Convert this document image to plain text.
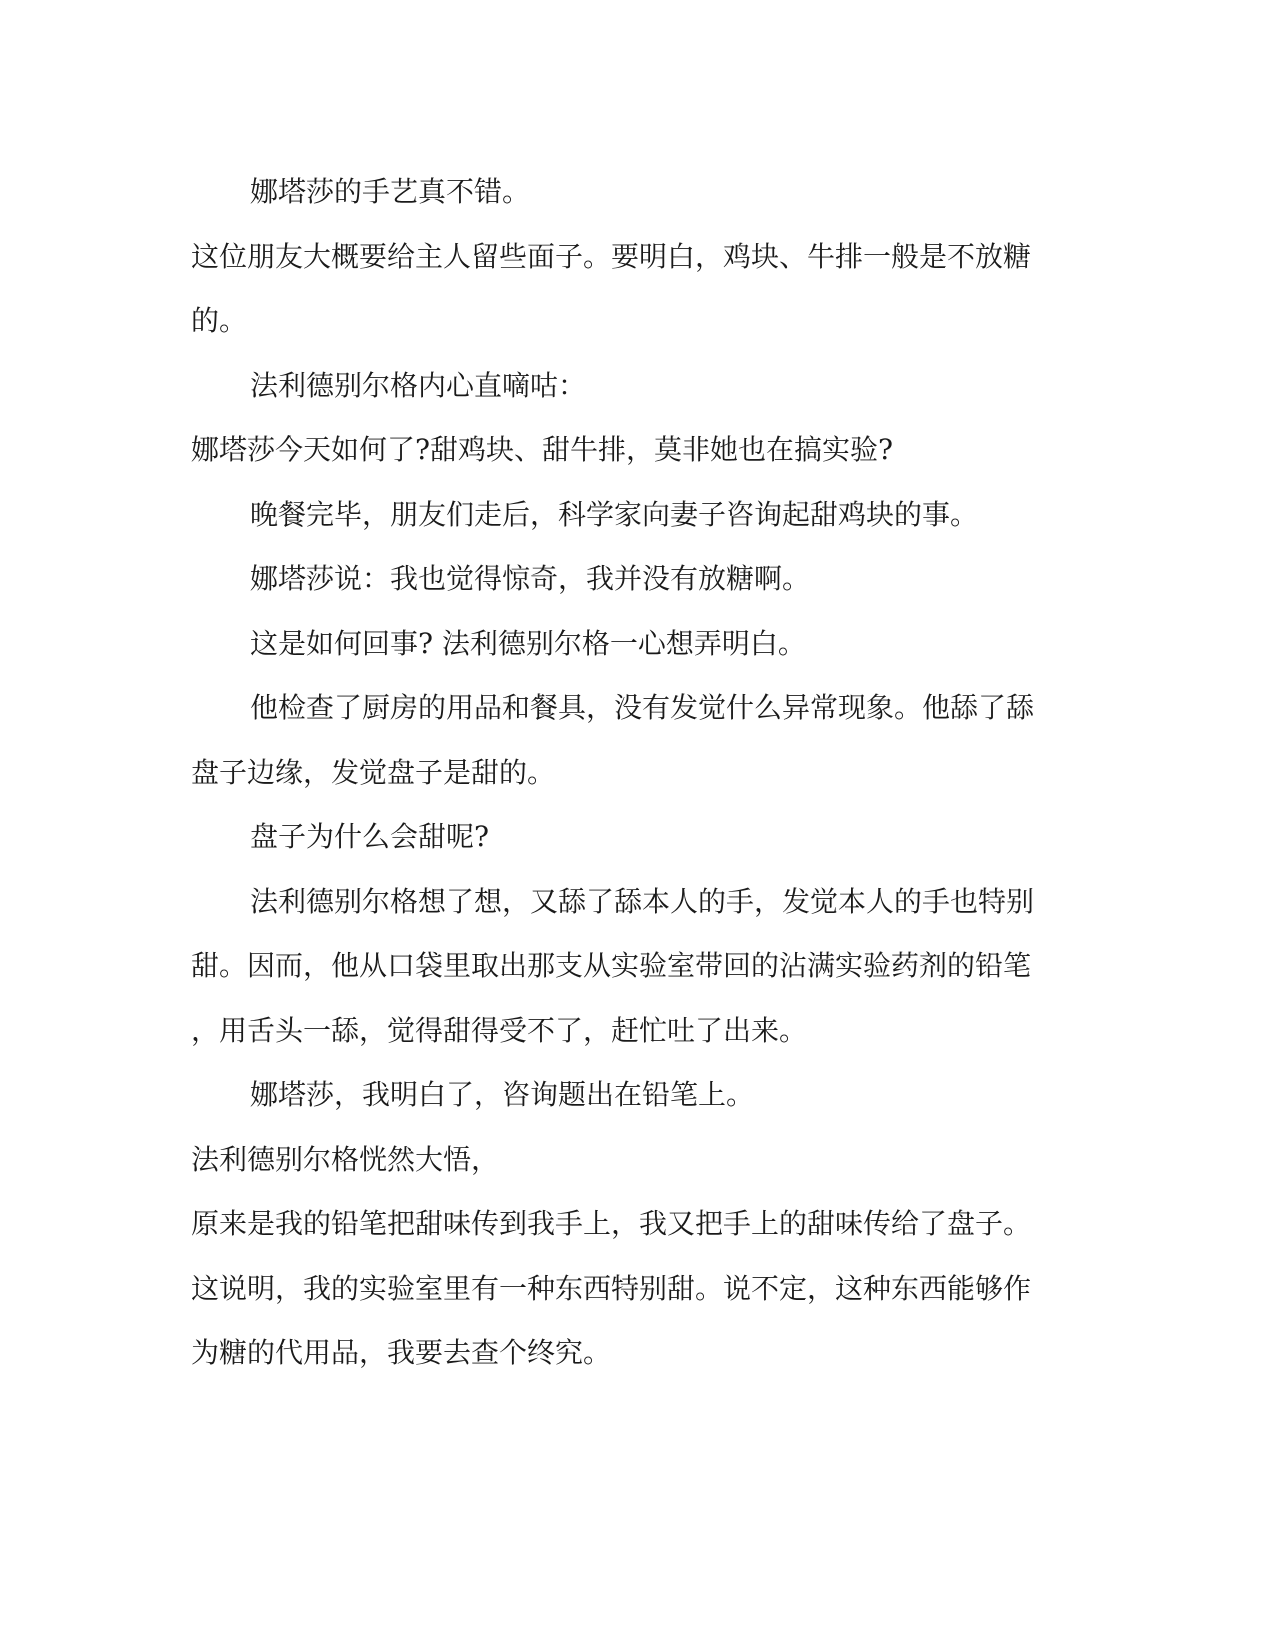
娜塔莎的手艺真不错。
这位朋友大概要给主人留些面子。要明白，鸡块、牛排一般是不放糖
的。
法利德别尔格内心直嘀咕：
娜塔莎今天如何了?甜鸡块、甜牛排，莫非她也在搞实验?
晚餐完毕，朋友们走后，科学家向妻子咨询起甜鸡块的事。
娜塔莎说：我也觉得惊奇，我并没有放糖啊。
这是如何回事? 法利德别尔格一心想弄明白。
他检查了厨房的用品和餐具，没有发觉什么异常现象。他舔了舔
盘子边缘，发觉盘子是甜的。
盘子为什么会甜呢?
法利德别尔格想了想，又舔了舔本人的手，发觉本人的手也特别
甜。因而，他从口袋里取出那支从实验室带回的沾满实验药剂的铅笔
，用舌头一舔，觉得甜得受不了，赶忙吐了出来。
娜塔莎，我明白了，咨询题出在铅笔上。
法利德别尔格恍然大悟，
原来是我的铅笔把甜味传到我手上，我又把手上的甜味传给了盘子。
这说明，我的实验室里有一种东西特别甜。说不定，这种东西能够作
为糖的代用品，我要去查个终究。
